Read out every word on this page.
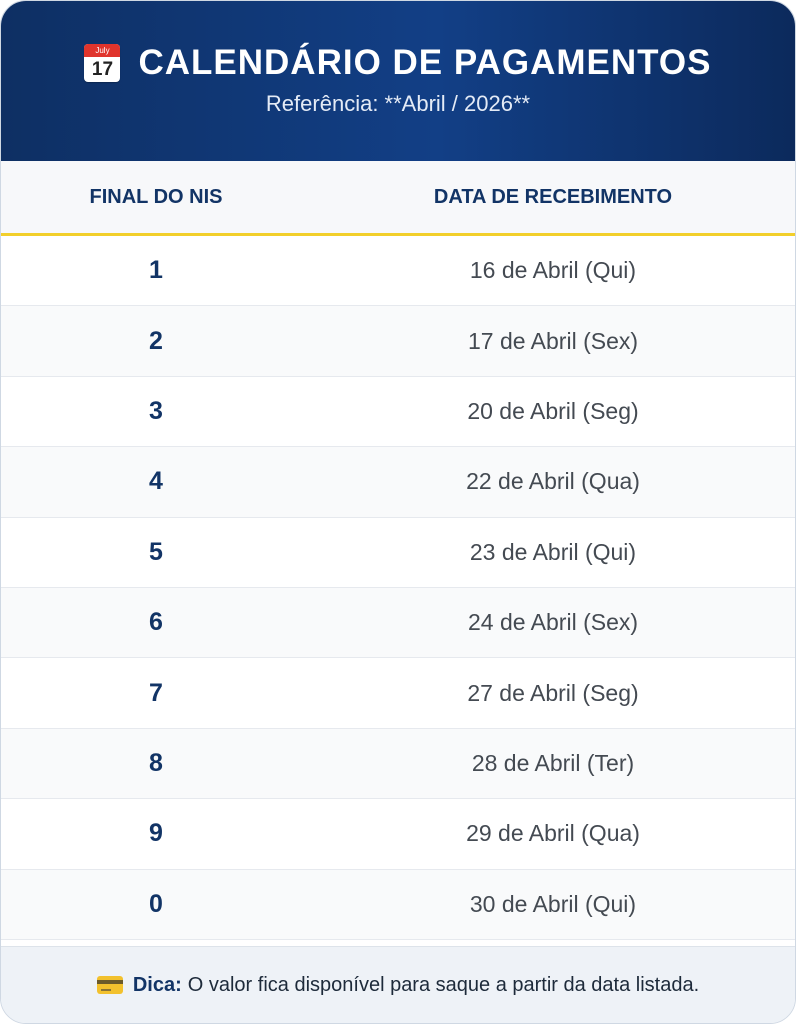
July
17 CALENDÁRIO DE PAGAMENTOS
Referência: **Abril / 2026**
FINAL DO NIS	DATA DE RECEBIMENTO
1	16 de Abril (Qui)
2	17 de Abril (Sex)
3	20 de Abril (Seg)
4	22 de Abril (Qua)
5	23 de Abril (Qui)
6	24 de Abril (Sex)
7	27 de Abril (Seg)
8	28 de Abril (Ter)
9	29 de Abril (Qua)
0	30 de Abril (Qui)
Dica: O valor fica disponível para saque a partir da data listada.
